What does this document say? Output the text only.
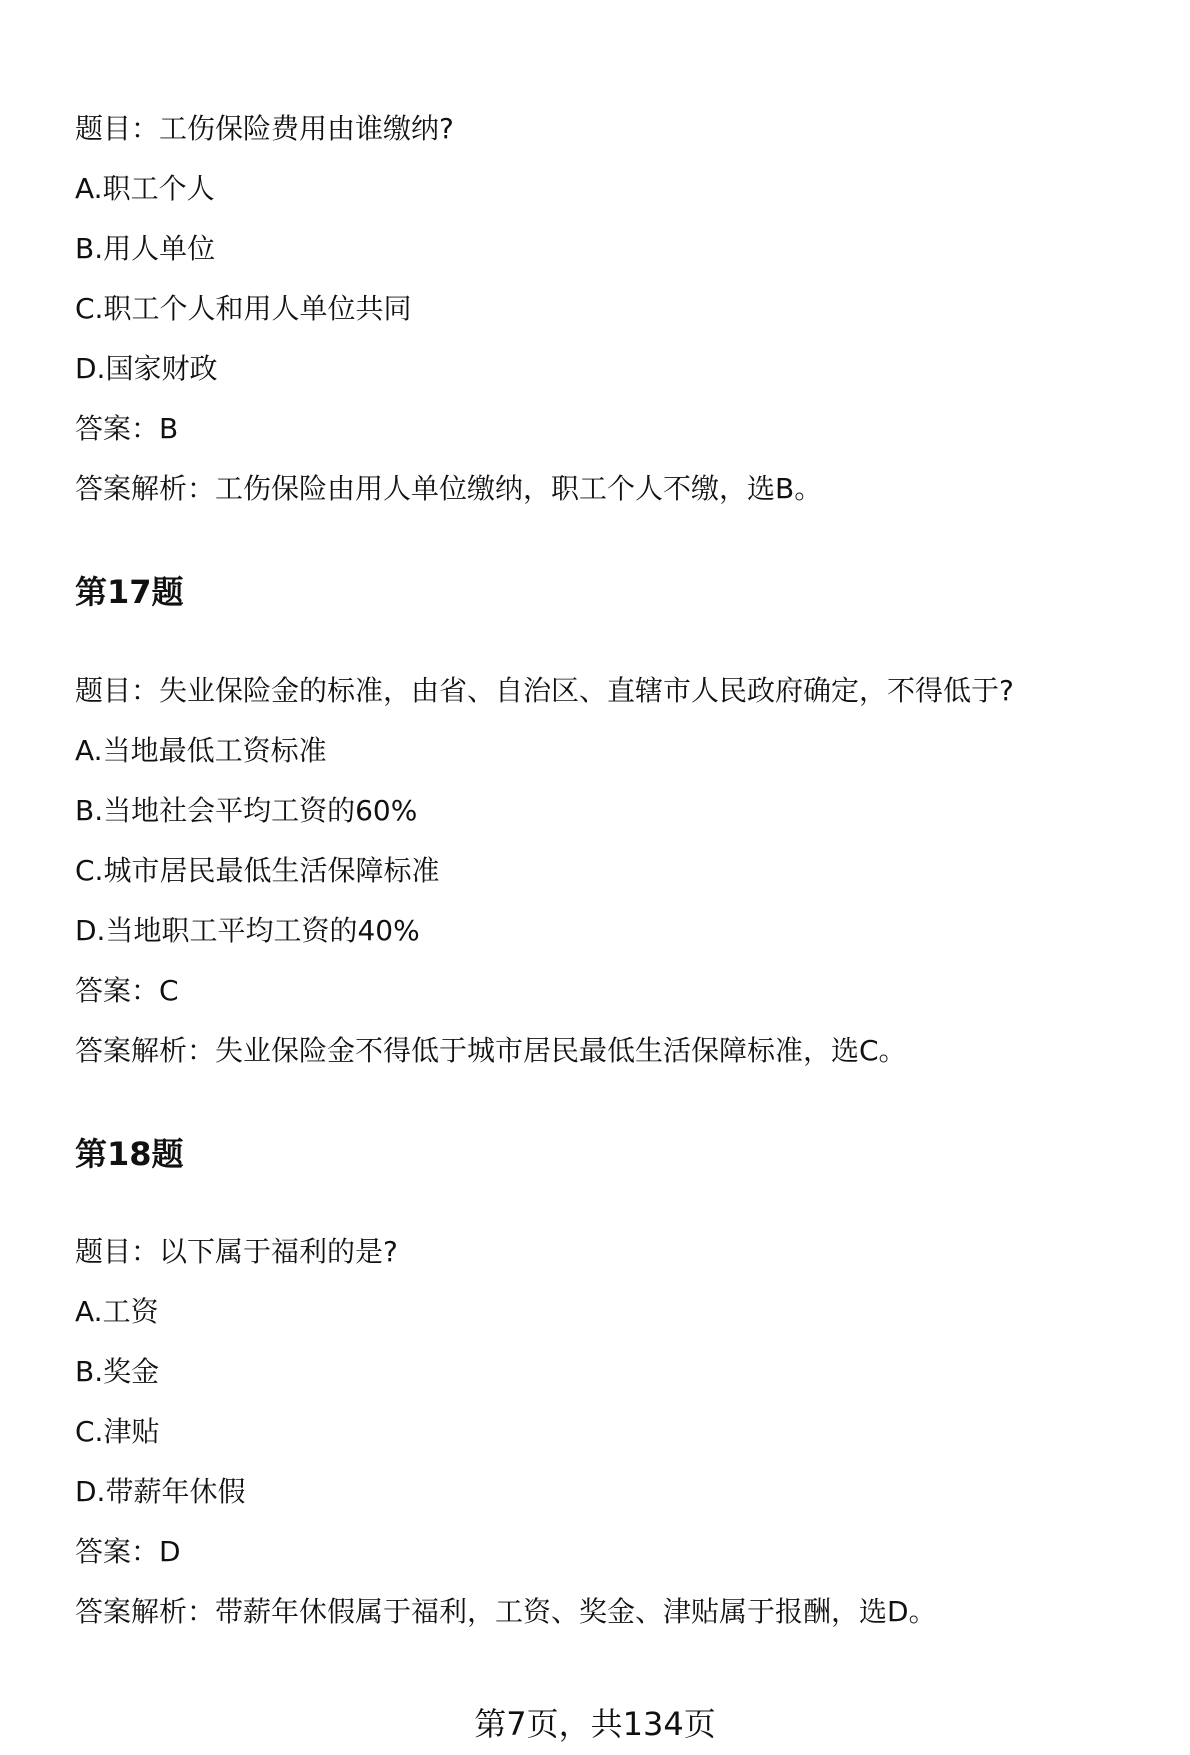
题目：工伤保险费用由谁缴纳?
A.职工个人
B.用人单位
C.职工个人和用人单位共同
D.国家财政
答案：B
答案解析：工伤保险由用人单位缴纳，职工个人不缴，选B。
第17题
题目：失业保险金的标准，由省、自治区、直辖市人民政府确定，不得低于?
A.当地最低工资标准
B.当地社会平均工资的60%
C.城市居民最低生活保障标准
D.当地职工平均工资的40%
答案：C
答案解析：失业保险金不得低于城市居民最低生活保障标准，选C。
第18题
题目：以下属于福利的是?
A.工资
B.奖金
C.津贴
D.带薪年休假
答案：D
答案解析：带薪年休假属于福利，工资、奖金、津贴属于报酬，选D。
第7页，共134页
